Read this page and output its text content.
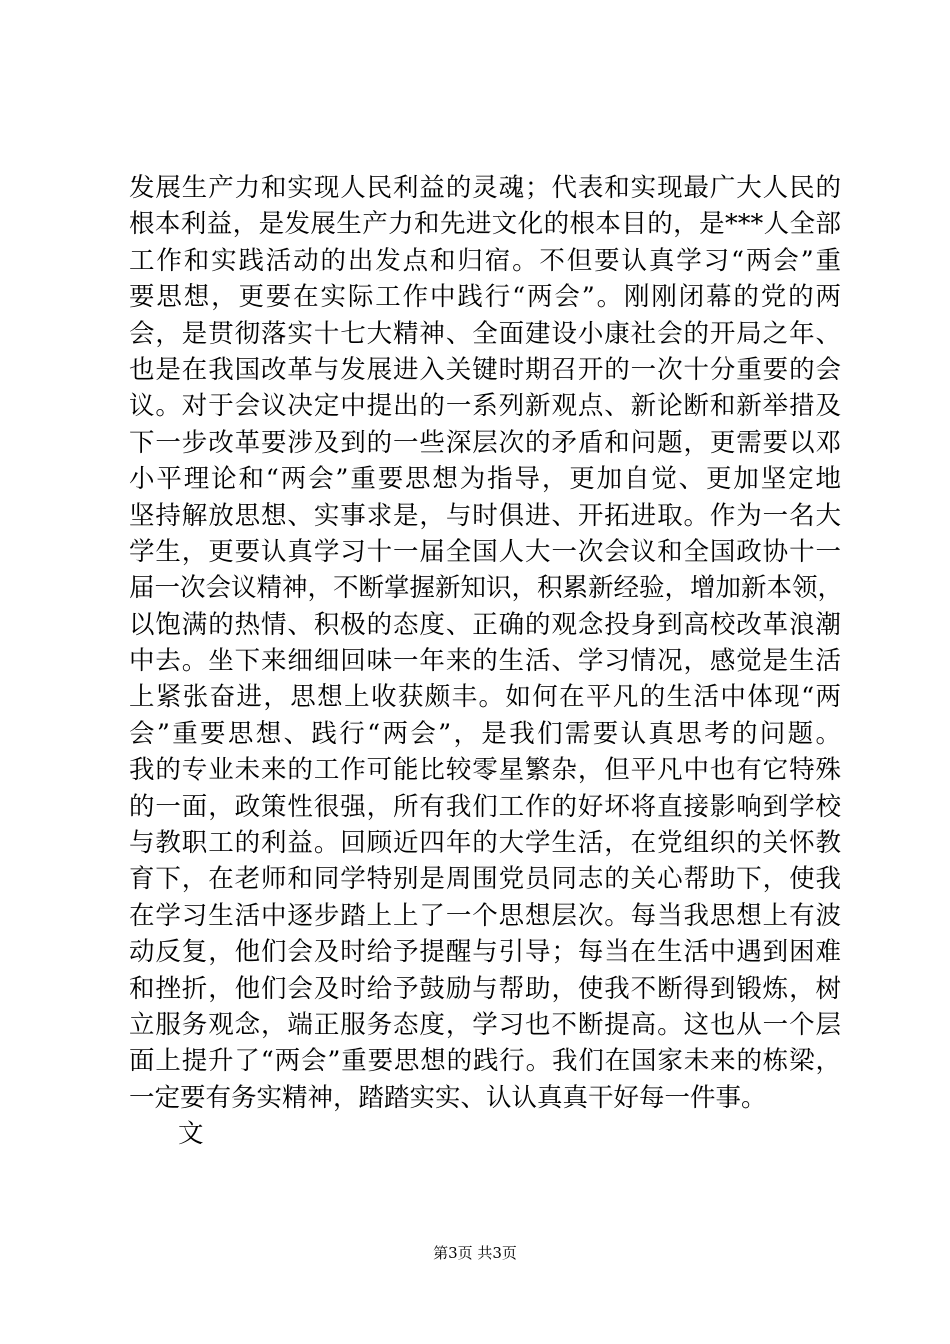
发展生产力和实现人民利益的灵魂；代表和实现最广大人民的
根本利益，是发展生产力和先进文化的根本目的，是***人全部
工作和实践活动的出发点和归宿。不但要认真学习“两会”重
要思想，更要在实际工作中践行“两会”。刚刚闭幕的党的两
会，是贯彻落实十七大精神、全面建设小康社会的开局之年、
也是在我国改革与发展进入关键时期召开的一次十分重要的会
议。对于会议决定中提出的一系列新观点、新论断和新举措及
下一步改革要涉及到的一些深层次的矛盾和问题，更需要以邓
小平理论和“两会”重要思想为指导，更加自觉、更加坚定地
坚持解放思想、实事求是，与时俱进、开拓进取。作为一名大
学生，更要认真学习十一届全国人大一次会议和全国政协十一
届一次会议精神，不断掌握新知识，积累新经验，增加新本领，
以饱满的热情、积极的态度、正确的观念投身到高校改革浪潮
中去。坐下来细细回味一年来的生活、学习情况，感觉是生活
上紧张奋进，思想上收获颇丰。如何在平凡的生活中体现“两
会”重要思想、践行“两会”，是我们需要认真思考的问题。
我的专业未来的工作可能比较零星繁杂，但平凡中也有它特殊
的一面，政策性很强，所有我们工作的好坏将直接影响到学校
与教职工的利益。回顾近四年的大学生活，在党组织的关怀教
育下，在老师和同学特别是周围党员同志的关心帮助下，使我
在学习生活中逐步踏上上了一个思想层次。每当我思想上有波
动反复，他们会及时给予提醒与引导；每当在生活中遇到困难
和挫折，他们会及时给予鼓励与帮助，使我不断得到锻炼，树
立服务观念，端正服务态度，学习也不断提高。这也从一个层
面上提升了“两会”重要思想的践行。我们在国家未来的栋梁，
一定要有务实精神，踏踏实实、认认真真干好每一件事。
文
第3页 共3页
